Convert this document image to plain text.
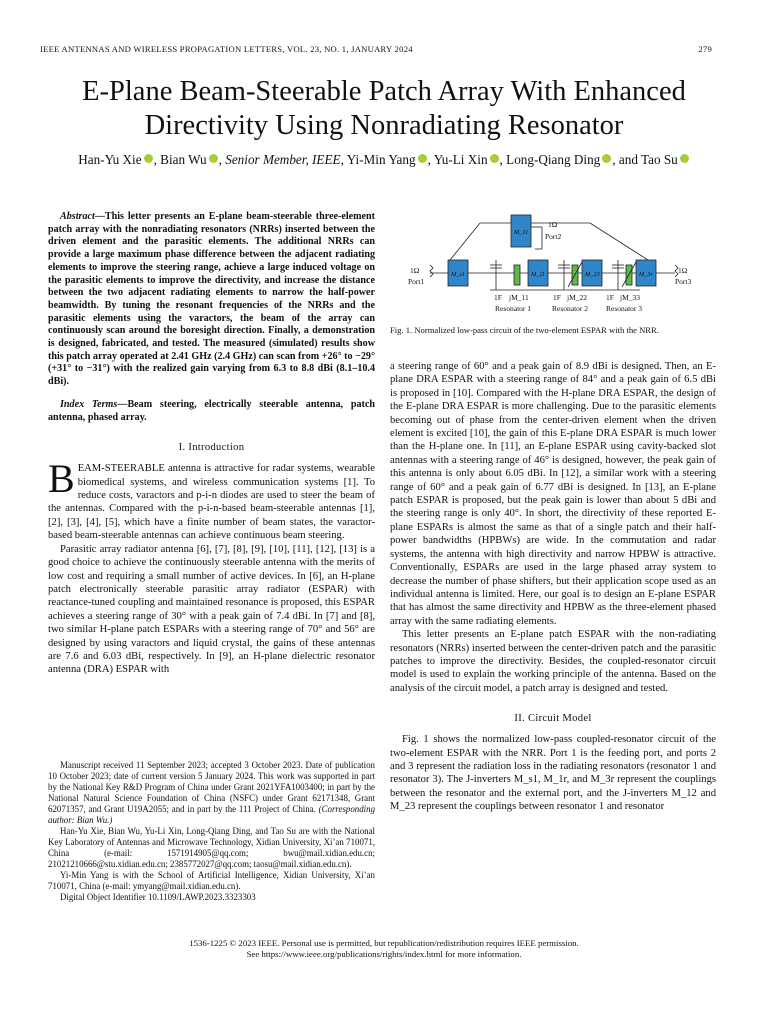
IEEE ANTENNAS AND WIRELESS PROPAGATION LETTERS, VOL. 23, NO. 1, JANUARY 2024	279
E-Plane Beam-Steerable Patch Array With Enhanced Directivity Using Nonradiating Resonator
Han-Yu Xie , Bian Wu , Senior Member, IEEE, Yi-Min Yang , Yu-Li Xin , Long-Qiang Ding , and Tao Su

Abstract—This letter presents an E-plane beam-steerable three-element patch array with the nonradiating resonators (NRRs) inserted between the driven element and the parasitic elements. The additional NRRs can provide a large maximum phase difference between the adjacent radiating elements to improve the steering range, achieve a large induced voltage on the parasitic elements to improve the directivity, and increase the distance between the two adjacent radiating elements to narrow the half-power beamwidth. By tuning the resonant frequencies of the NRRs and the parasitic elements using the varactors, the beam of the array can continuously scan around the boresight direction. Finally, a demonstration is designed, fabricated, and tested. The measured (simulated) results show this patch array operated at 2.41 GHz (2.4 GHz) can scan from +26° to −29° (+31° to −31°) with the realized gain varying from 6.3 to 8.8 dBi (8.1–10.4 dBi).

Index Terms—Beam steering, electrically steerable antenna, patch antenna, phased array.

I. Introduction

BEAM-STEERABLE antenna is attractive for radar systems, wearable biomedical systems, and wireless communication systems [1]. To reduce costs, varactors and p-i-n diodes are used to steer the beam of the antennas. Compared with the p-i-n-based beam-steerable antennas [1], [2], [3], [4], [5], which have a finite number of beam states, the varactor-based beam-steerable antennas can achieve continuous beam steering.

Parasitic array radiator antenna [6], [7], [8], [9], [10], [11], [12], [13] is a good choice to achieve the continuously steerable antenna with the merits of low cost and requiring a small number of active devices. In [6], an H-plane patch electronically steerable parasitic array radiator (ESPAR) with reactance-tuned coupling and maintained resonance is proposed, this ESPAR achieves a steering range of 30° with a peak gain of 7.4 dBi. In [7] and [8], two similar H-plane patch ESPARs with a steering range of 70° and 56° are designed by using varactors and liquid crystal, the gains of these antennas are 7.6 and 6.03 dBi, respectively. In [9], an H-plane dielectric resonator antenna (DRA) ESPAR with

Manuscript received 11 September 2023; accepted 3 October 2023. Date of publication 10 October 2023; date of current version 5 January 2024. This work was supported in part by the National Key R&D Program of China under Grant 2021YFA1003400; in part by the National Natural Science Foundation of China (NSFC) under Grant 62171348, Grant 62071357, and Grant U19A2055; and in part by the 111 Project of China. (Corresponding author: Bian Wu.)

Han-Yu Xie, Bian Wu, Yu-Li Xin, Long-Qiang Ding, and Tao Su are with the National Key Laboratory of Antennas and Microwave Technology, Xidian University, Xi’an 710071, China (e-mail: 1571914905@qq.com; bwu@mail.xidian.edu.cn; 21021210666@stu.xidian.edu.cn; 2385772027@qq.com; taosu@mail.xidian.edu.cn).

Yi-Min Yang is with the School of Artificial Intelligence, Xidian University, Xi’an 710071, China (e-mail: ymyang@mail.xidian.edu.cn).

Digital Object Identifier 10.1109/LAWP.2023.3323303

1Ω
Port1
1Ω
Port2
1Ω
Port3
1F jM_11	1F jM_22	1F jM_33
Resonator 1	Resonator 2 Resonator 3
M_11
M_s1	M_2l	M_23	M_3r
Fig. 1. Normalized low-pass circuit of the two-element ESPAR with the NRR.

a steering range of 60° and a peak gain of 8.9 dBi is designed. Then, an E-plane DRA ESPAR with a steering range of 84° and a peak gain of 6.5 dBi is proposed in [10]. Compared with the H-plane DRA ESPAR, the design of the E-plane DRA ESPAR is more challenging. Due to the parasitic elements becoming out of phase from the center-driven element when the driven element is excited [10], the gain of this E-plane DRA ESPAR is much lower than the H-plane one. In [11], an E-plane ESPAR using cavity-backed slot antennas with a steering range of 46° is designed, however, the peak gain of this antenna is only about 6.05 dBi. In [12], a similar work with a steering range of 60° and a peak gain of 6.77 dBi is designed. In [13], an E-plane patch ESPAR is proposed, but the peak gain is lower than about 5 dBi and the steering range is only 40°. In short, the directivity of these reported E-plane ESPARs is almost the same as that of a single patch and their half-power bandwidths (HPBWs) are wide. In the commutation and radar systems, the antenna with high directivity and narrow HPBW is attractive. Conventionally, ESPARs are used in the large phased array system to decrease the number of phase shifters, but their application scope used as an individual antenna is limited. Here, our goal is to design an E-plane ESPAR that has almost the same directivity and HPBW as the three-element phased array with the same radiating elements.

This letter presents an E-plane patch ESPAR with the non-radiating resonators (NRRs) inserted between the center-driven patch and the parasitic patches to improve the directivity. Besides, the coupled-resonator circuit model is used to explain the working principle of the antenna. Based on the analysis of the circuit model, a patch array is designed and tested.

II. Circuit Model

Fig. 1 shows the normalized low-pass coupled-resonator circuit of the two-element ESPAR with the NRR. Port 1 is the feeding port, and ports 2 and 3 represent the radiation loss in the radiating resonators (resonator 1 and resonator 3). The J-inverters M_s1, M_1r, and M_3r represent the couplings between the resonator and the external port, and the J-inverters M_12 and M_23 represent the couplings between resonator 1 and resonator

1536-1225 © 2023 IEEE. Personal use is permitted, but republication/redistribution requires IEEE permission.
See https://www.ieee.org/publications/rights/index.html for more information.
